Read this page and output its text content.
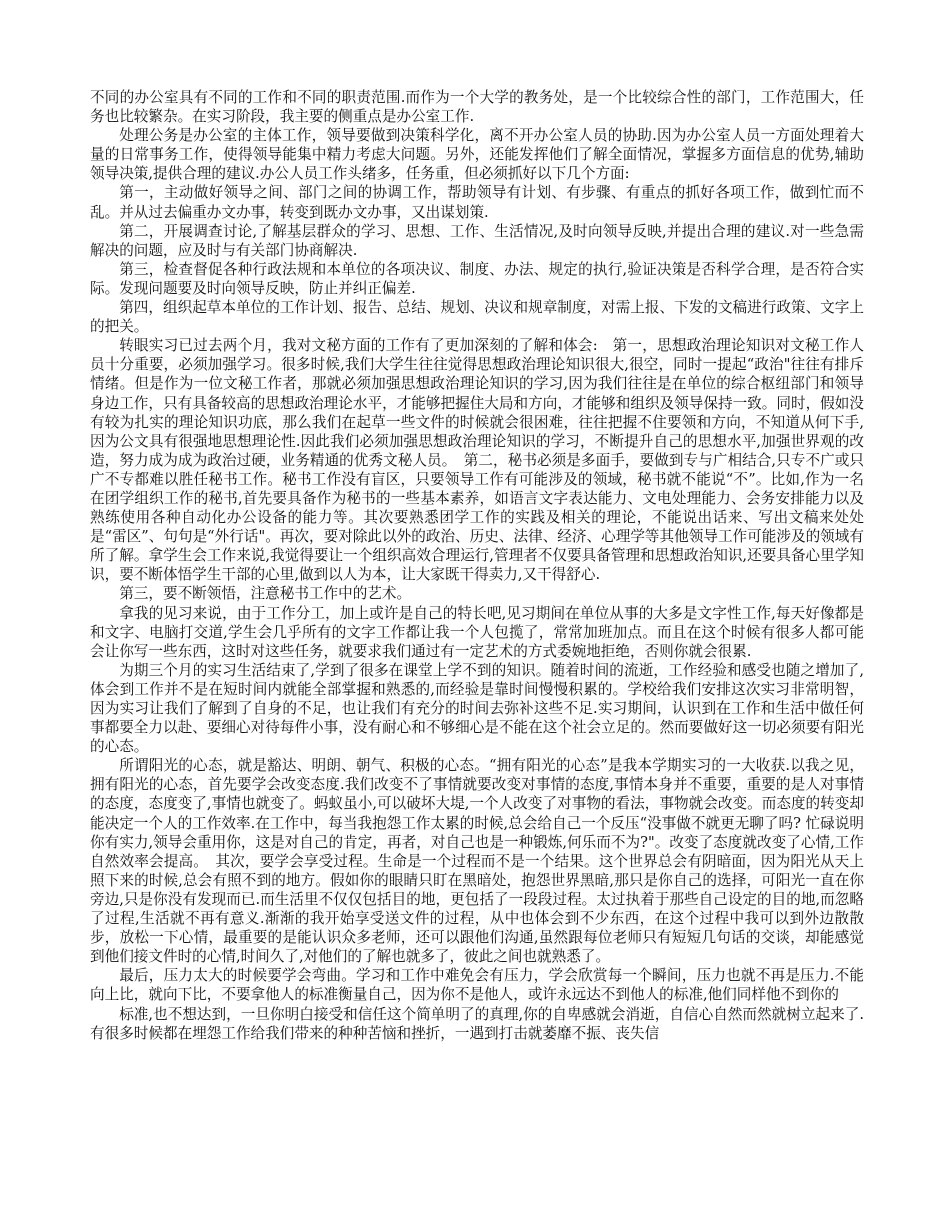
不同的办公室具有不同的工作和不同的职责范围.而作为一个大学的教务处，是一个比较综合性的部门，工作范围大，任务也比较繁杂。在实习阶段，我主要的侧重点是办公室工作.

处理公务是办公室的主体工作，领导要做到决策科学化，离不开办公室人员的协助.因为办公室人员一方面处理着大量的日常事务工作，使得领导能集中精力考虑大问题。另外，还能发挥他们了解全面情况，掌握多方面信息的优势,辅助领导决策,提供合理的建议.办公人员工作头绪多，任务重，但必须抓好以下几个方面:

第一，主动做好领导之间、部门之间的协调工作，帮助领导有计划、有步骤、有重点的抓好各项工作，做到忙而不乱。并从过去偏重办文办事，转变到既办文办事，又出谋划策.

第二，开展调查讨论,了解基层群众的学习、思想、工作、生活情况,及时向领导反映,并提出合理的建议.对一些急需解决的问题，应及时与有关部门协商解决.

第三，检查督促各种行政法规和本单位的各项决议、制度、办法、规定的执行,验证决策是否科学合理，是否符合实际。发现问题要及时向领导反映，防止并纠正偏差.

第四，组织起草本单位的工作计划、报告、总结、规划、决议和规章制度，对需上报、下发的文稿进行政策、文字上的把关。

转眼实习已过去两个月，我对文秘方面的工作有了更加深刻的了解和体会:　第一，思想政治理论知识对文秘工作人员十分重要，必须加强学习。很多时候,我们大学生往往觉得思想政治理论知识很大,很空，同时一提起“政治"往往有排斥情绪。但是作为一位文秘工作者，那就必须加强思想政治理论知识的学习,因为我们往往是在单位的综合枢纽部门和领导身边工作，只有具备较高的思想政治理论水平，才能够把握住大局和方向，才能够和组织及领导保持一致。同时，假如没有较为扎实的理论知识功底，那么我们在起草一些文件的时候就会很困难，往往把握不住要领和方向，不知道从何下手,因为公文具有很强地思想理论性.因此我们必须加强思想政治理论知识的学习，不断提升自己的思想水平,加强世界观的改造，努力成为成为政治过硬，业务精通的优秀文秘人员。　第二，秘书必须是多面手，要做到专与广相结合,只专不广或只广不专都难以胜任秘书工作。秘书工作没有盲区，只要领导工作有可能涉及的领域，秘书就不能说“不”。比如,作为一名在团学组织工作的秘书,首先要具备作为秘书的一些基本素养，如语言文字表达能力、文电处理能力、会务安排能力以及熟练使用各种自动化办公设备的能力等。其次要熟悉团学工作的实践及相关的理论，不能说出话来、写出文稿来处处是“雷区”、句句是“外行话"。再次，要对除此以外的政治、历史、法律、经济、心理学等其他领导工作可能涉及的领域有所了解。拿学生会工作来说,我觉得要让一个组织高效合理运行,管理者不仅要具备管理和思想政治知识,还要具备心里学知识，要不断体悟学生干部的心里,做到以人为本，让大家既干得卖力,又干得舒心.

第三，要不断领悟，注意秘书工作中的艺术。

拿我的见习来说，由于工作分工，加上或许是自己的特长吧,见习期间在单位从事的大多是文字性工作,每天好像都是和文字、电脑打交道,学生会几乎所有的文字工作都让我一个人包揽了，常常加班加点。而且在这个时候有很多人都可能会让你写一些东西，这时对这些任务，就要求我们通过有一定艺术的方式委婉地拒绝，否则你就会很累.

为期三个月的实习生活结束了,学到了很多在课堂上学不到的知识。随着时间的流逝，工作经验和感受也随之增加了,体会到工作并不是在短时间内就能全部掌握和熟悉的,而经验是靠时间慢慢积累的。学校给我们安排这次实习非常明智，因为实习让我们了解到了自身的不足，也让我们有充分的时间去弥补这些不足.实习期间，认识到在工作和生活中做任何事都要全力以赴、要细心对待每件小事，没有耐心和不够细心是不能在这个社会立足的。然而要做好这一切必须要有阳光的心态。

所谓阳光的心态，就是豁达、明朗、朝气、积极的心态。“拥有阳光的心态”是我本学期实习的一大收获.以我之见，拥有阳光的心态，首先要学会改变态度.我们改变不了事情就要改变对事情的态度,事情本身并不重要，重要的是人对事情的态度，态度变了,事情也就变了。蚂蚁虽小,可以破坏大堤,一个人改变了对事物的看法，事物就会改变。而态度的转变却能决定一个人的工作效率.在工作中，每当我抱怨工作太累的时候,总会给自己一个反压“没事做不就更无聊了吗? 忙碌说明你有实力,领导会重用你，这是对自己的肯定，再者，对自己也是一种锻炼,何乐而不为?"。改变了态度就改变了心情,工作自然效率会提高。　其次，要学会享受过程。生命是一个过程而不是一个结果。这个世界总会有阴暗面，因为阳光从天上照下来的时候,总会有照不到的地方。假如你的眼睛只盯在黑暗处，抱怨世界黑暗,那只是你自己的选择，可阳光一直在你旁边,只是你没有发现而已.而生活里不仅仅包括目的地，更包括了一段段过程。太过执着于那些自己设定的目的地,而忽略了过程,生活就不再有意义.渐渐的我开始享受送文件的过程，从中也体会到不少东西，在这个过程中我可以到外边散散步，放松一下心情，最重要的是能认识众多老师，还可以跟他们沟通,虽然跟每位老师只有短短几句话的交谈，却能感觉到他们接文件时的心情,时间久了,对他们的了解也就多了，彼此之间也就熟悉了。

最后，压力太大的时候要学会弯曲。学习和工作中难免会有压力，学会欣赏每一个瞬间，压力也就不再是压力.不能向上比，就向下比，不要拿他人的标准衡量自己，因为你不是他人，或许永远达不到他人的标准,他们同样他不到你的

标准,也不想达到，一旦你明白接受和信任这个简单明了的真理,你的自卑感就会消逝，自信心自然而然就树立起来了.有很多时候都在埋怨工作给我们带来的种种苦恼和挫折，一遇到打击就萎靡不振、丧失信
